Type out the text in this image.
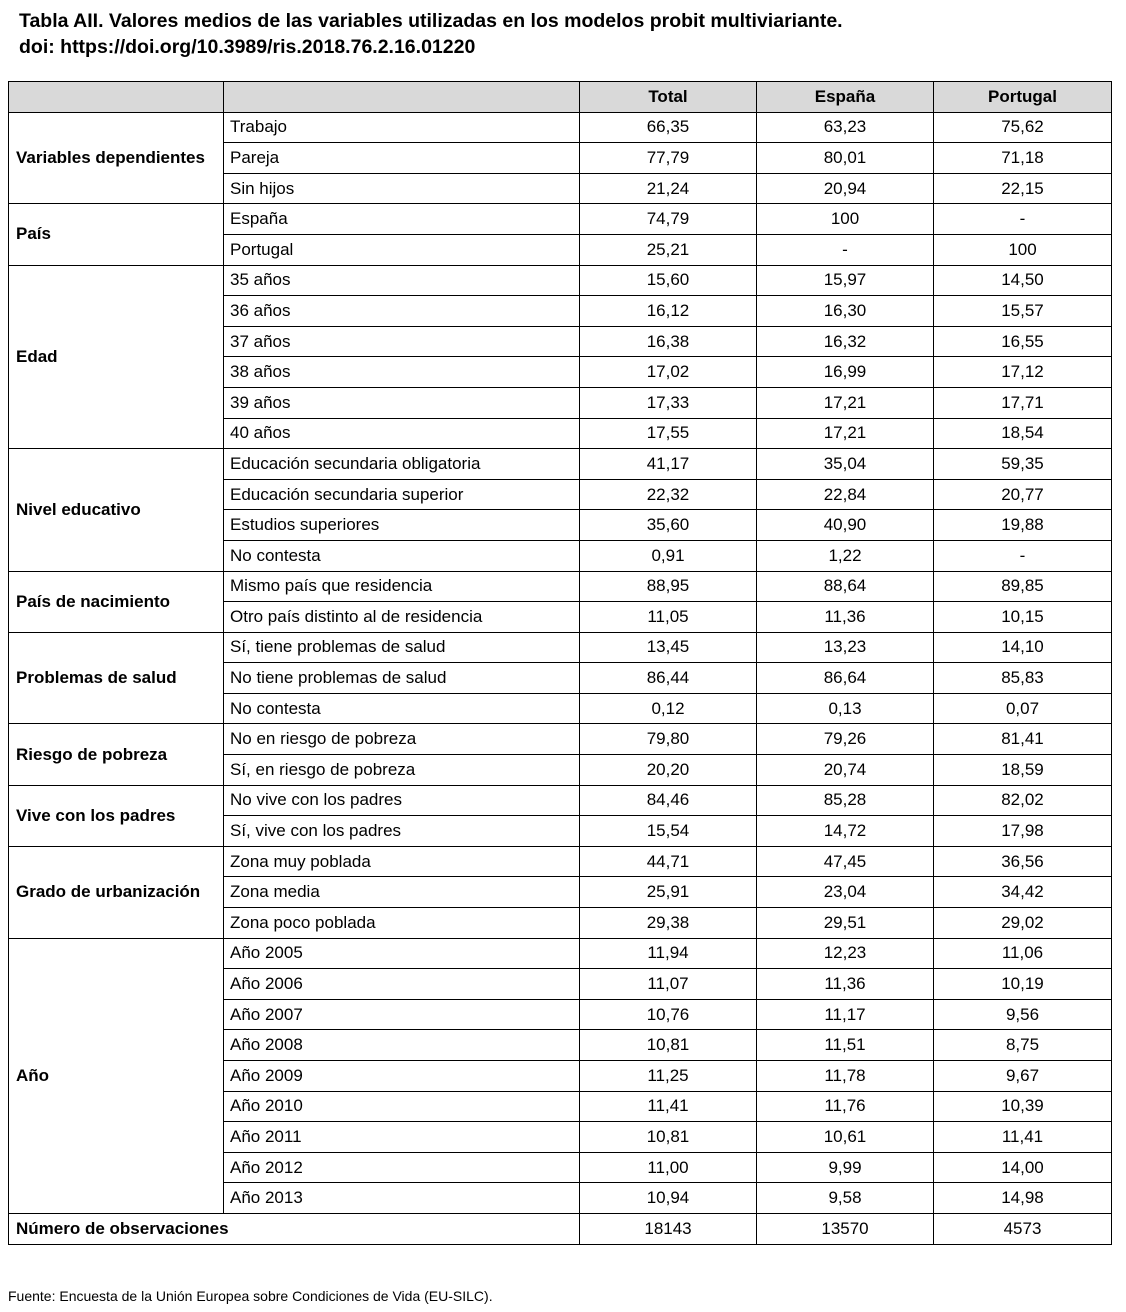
Tabla AII. Valores medios de las variables utilizadas en los modelos probit multiviariante.
doi: https://doi.org/10.3989/ris.2018.76.2.16.01220
		Total	España	Portugal
Variables dependientes	Trabajo	66,35	63,23	75,62
	Pareja	77,79	80,01	71,18
	Sin hijos	21,24	20,94	22,15
País	España	74,79	100	-
	Portugal	25,21	-	100
Edad	35 años	15,60	15,97	14,50
	36 años	16,12	16,30	15,57
	37 años	16,38	16,32	16,55
	38 años	17,02	16,99	17,12
	39 años	17,33	17,21	17,71
	40 años	17,55	17,21	18,54
Nivel educativo	Educación secundaria obligatoria	41,17	35,04	59,35
	Educación secundaria superior	22,32	22,84	20,77
	Estudios superiores	35,60	40,90	19,88
	No contesta	0,91	1,22	-
País de nacimiento	Mismo país que residencia	88,95	88,64	89,85
	Otro país distinto al de residencia	11,05	11,36	10,15
Problemas de salud	Sí, tiene problemas de salud	13,45	13,23	14,10
	No tiene problemas de salud	86,44	86,64	85,83
	No contesta	0,12	0,13	0,07
Riesgo de pobreza	No en riesgo de pobreza	79,80	79,26	81,41
	Sí, en riesgo de pobreza	20,20	20,74	18,59
Vive con los padres	No vive con los padres	84,46	85,28	82,02
	Sí, vive con los padres	15,54	14,72	17,98
Grado de urbanización	Zona muy poblada	44,71	47,45	36,56
	Zona media	25,91	23,04	34,42
	Zona poco poblada	29,38	29,51	29,02
Año	Año 2005	11,94	12,23	11,06
	Año 2006	11,07	11,36	10,19
	Año 2007	10,76	11,17	9,56
	Año 2008	10,81	11,51	8,75
	Año 2009	11,25	11,78	9,67
	Año 2010	11,41	11,76	10,39
	Año 2011	10,81	10,61	11,41
	Año 2012	11,00	9,99	14,00
	Año 2013	10,94	9,58	14,98
Número de observaciones		18143	13570	4573
Fuente: Encuesta de la Unión Europea sobre Condiciones de Vida (EU-SILC).
